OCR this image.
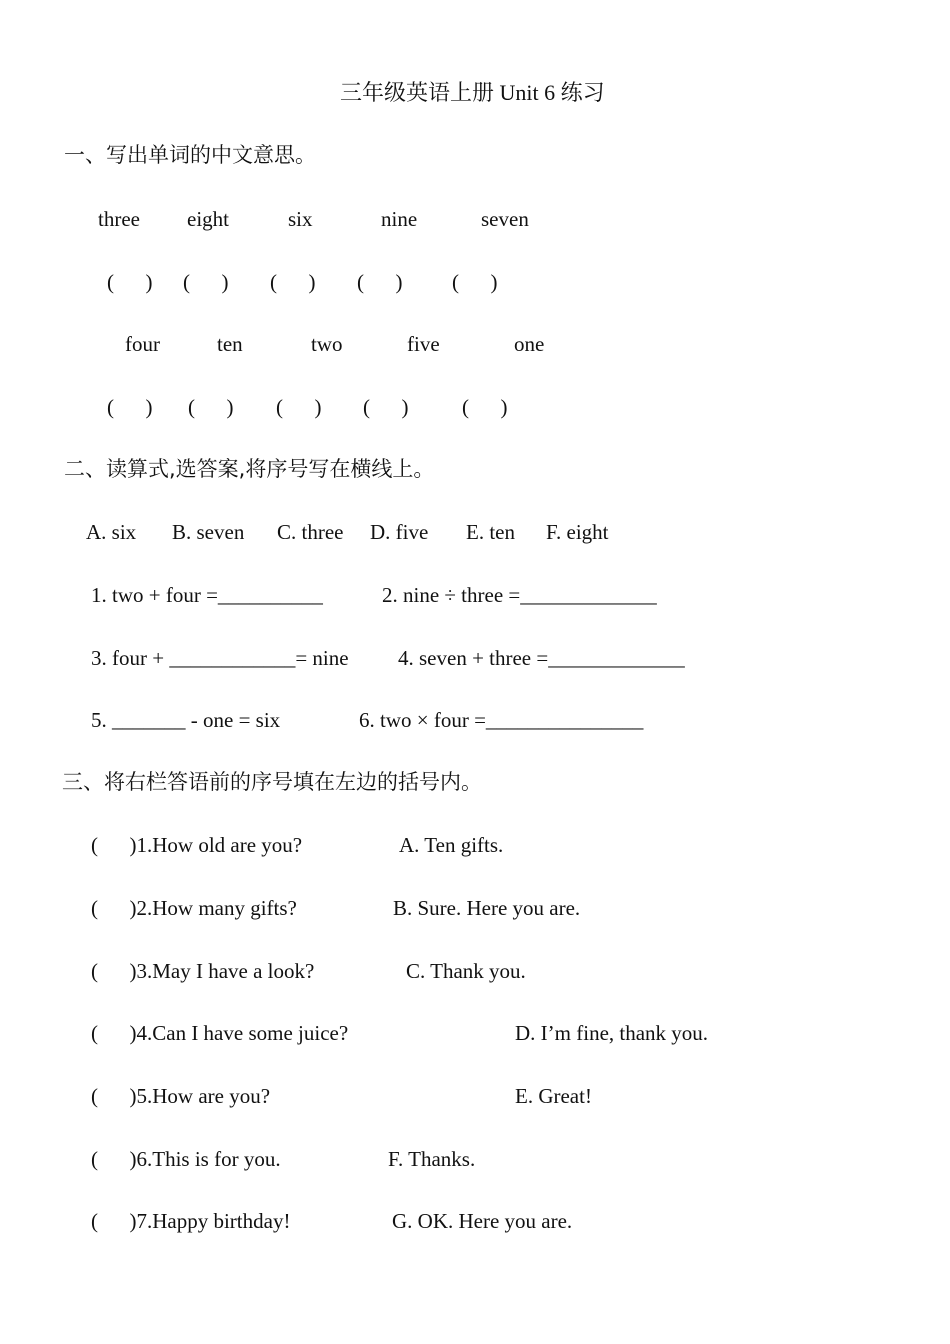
三年级英语上册 Unit 6 练习
一、写出单词的中文意思。
three eight	six	nine	seven
(      ) (      ) (      ) (      ) (      )
four	ten	two	five	one
(      ) (      ) (      ) (      )	(      )
二、读算式,选答案,将序号写在横线上。
A. six B. seven C. three D. five E. ten F. eight
1. two + four =__________	2. nine ÷ three =_____________
3. four + ____________= nine 4. seven + three =_____________
5. _______ - one = six	6. two × four =_______________
三、将右栏答语前的序号填在左边的括号内。
(      )1.How old are you?	A. Ten gifts.
(      )2.How many gifts?	B. Sure. Here you are.
(      )3.May I have a look?	C. Thank you.
(      )4.Can I have some juice?	D. I’m fine, thank you.
(      )5.How are you?	E. Great!
(      )6.This is for you.	F. Thanks.
(      )7.Happy birthday!	G. OK. Here you are.
